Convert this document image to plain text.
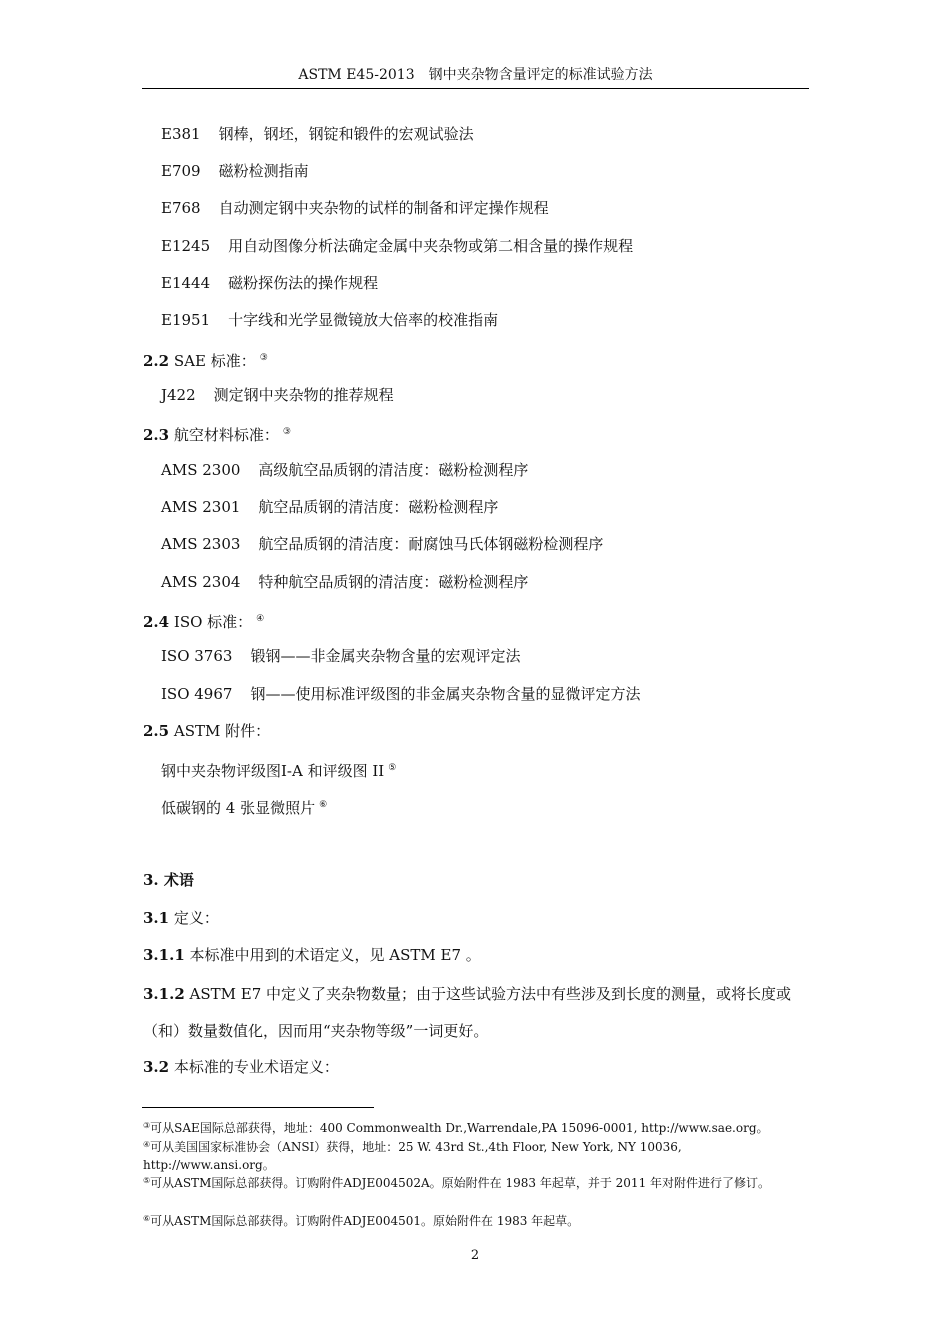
ASTM E45-2013　钢中夹杂物含量评定的标准试验方法
E381 钢棒，钢坯，钢锭和锻件的宏观试验法
E709 磁粉检测指南
E768 自动测定钢中夹杂物的试样的制备和评定操作规程
E1245 用自动图像分析法确定金属中夹杂物或第二相含量的操作规程
E1444 磁粉探伤法的操作规程
E1951 十字线和光学显微镜放大倍率的校准指南
2.2 SAE 标准： ③
J422 测定钢中夹杂物的推荐规程
2.3 航空材料标准： ③
AMS 2300 高级航空品质钢的清洁度：磁粉检测程序
AMS 2301 航空品质钢的清洁度：磁粉检测程序
AMS 2303 航空品质钢的清洁度：耐腐蚀马氏体钢磁粉检测程序
AMS 2304 特种航空品质钢的清洁度：磁粉检测程序
2.4 ISO 标准： ④
ISO 3763 锻钢——非金属夹杂物含量的宏观评定法
ISO 4967 钢——使用标准评级图的非金属夹杂物含量的显微评定方法
2.5 ASTM 附件：
钢中夹杂物评级图I-A 和评级图 II ⑤
低碳钢的 4 张显微照片 ⑥
3. 术语
3.1 定义：
3.1.1 本标准中用到的术语定义，见 ASTM E7 。
3.1.2 ASTM E7 中定义了夹杂物数量；由于这些试验方法中有些涉及到长度的测量，或将长度或（和）数量数值化，因而用“夹杂物等级”一词更好。
3.2 本标准的专业术语定义：
③可从SAE国际总部获得，地址：400 Commonwealth Dr.,Warrendale,PA 15096-0001, http://www.sae.org。
④可从美国国家标准协会（ANSI）获得，地址：25 W. 43rd St.,4th Floor, New York, NY 10036, http://www.ansi.org。
⑤可从ASTM国际总部获得。订购附件ADJE004502A。原始附件在 1983 年起草，并于 2011 年对附件进行了修订。
⑥可从ASTM国际总部获得。订购附件ADJE004501。原始附件在 1983 年起草。
2
